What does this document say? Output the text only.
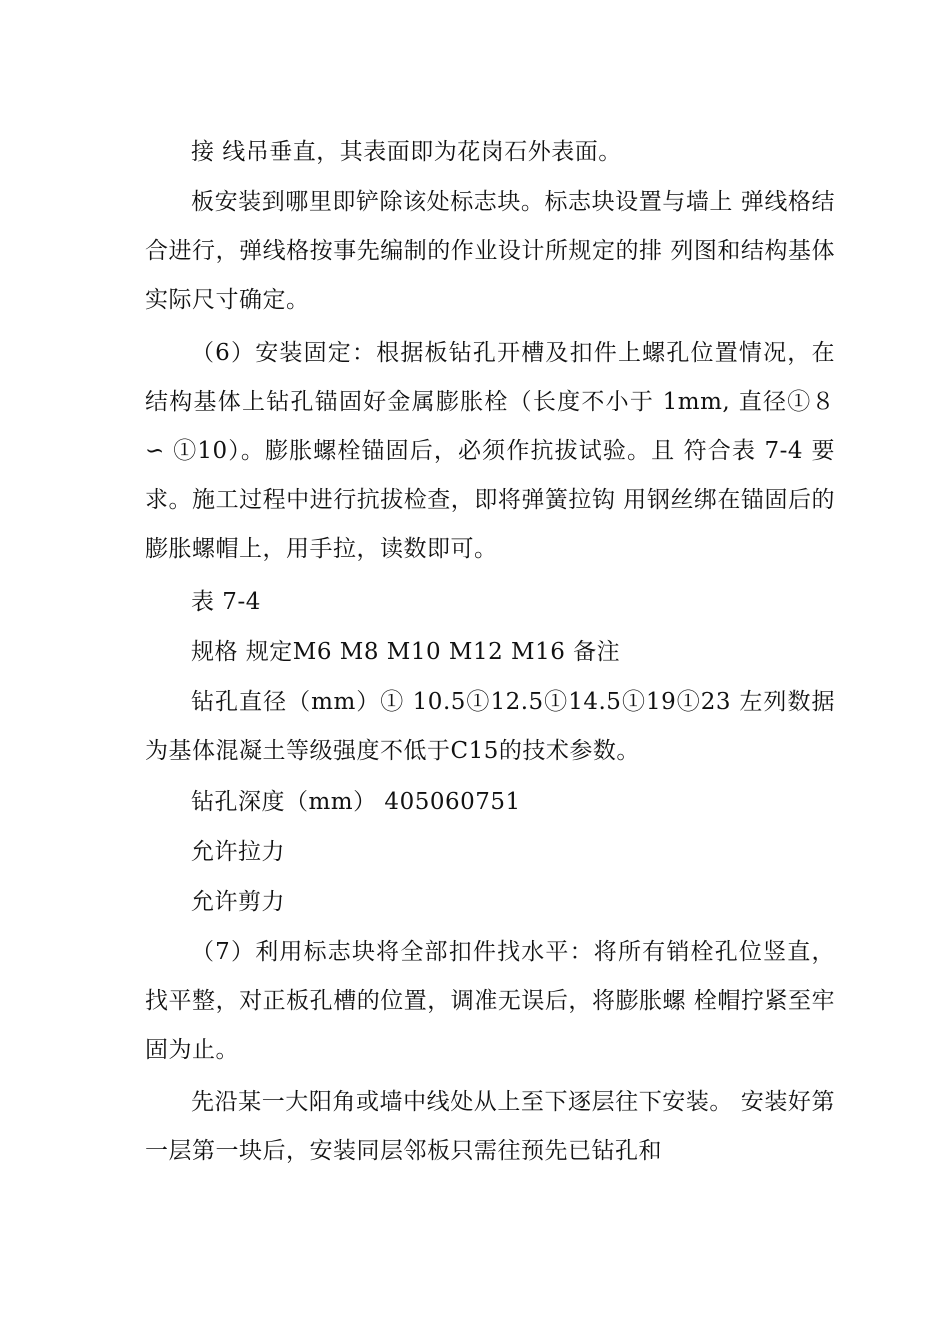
接 线吊垂直，其表面即为花岗石外表面。

板安装到哪里即铲除该处标志块。标志块设置与墙上 弹线格结合进行，弹线格按事先编制的作业设计所规定的排 列图和结构基体实际尺寸确定。

（6）安装固定：根据板钻孔开槽及扣件上螺孔位置情况，在结构基体上钻孔锚固好金属膨胀栓（长度不小于 1mm, 直径①８∽ ①10）。膨胀螺栓锚固后，必须作抗拔试验。且 符合表 7-4 要求。施工过程中进行抗拔检查，即将弹簧拉钩 用钢丝绑在锚固后的膨胀螺帽上，用手拉，读数即可。

表 7-4

规格 规定M6 M8 M10 M12 M16 备注

钻孔直径（mm）① 10.5①12.5①14.5①19①23 左列数据为基体混凝土等级强度不低于C15的技术参数。

钻孔深度（mm） 405060751

允许拉力

允许剪力

（7）利用标志块将全部扣件找水平：将所有销栓孔位竖直，找平整，对正板孔槽的位置，调准无误后，将膨胀螺 栓帽拧紧至牢固为止。

先沿某一大阳角或墙中线处从上至下逐层往下安装。 安装好第一层第一块后，安装同层邻板只需往预先已钻孔和
